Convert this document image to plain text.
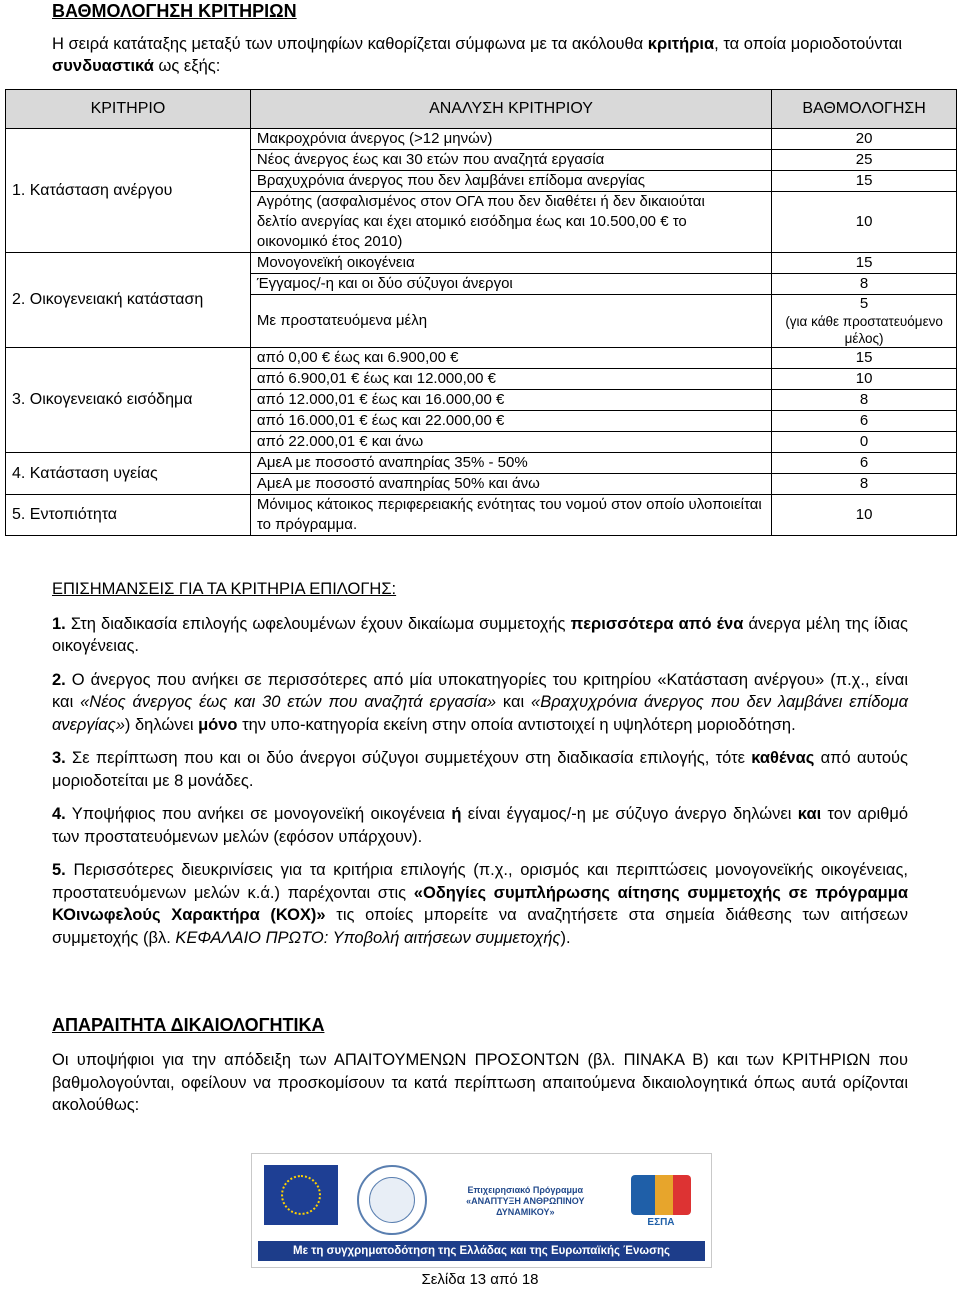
ΒΑΘΜΟΛΟΓΗΣΗ ΚΡΙΤΗΡΙΩΝ

Η σειρά κατάταξης μεταξύ των υποψηφίων καθορίζεται σύμφωνα με τα ακόλουθα κριτήρια, τα οποία μοριοδοτούνται συνδυαστικά ως εξής:

ΚΡΙΤΗΡΙΟ	ΑΝΑΛΥΣΗ ΚΡΙΤΗΡΙΟΥ	ΒΑΘΜΟΛΟΓΗΣΗ
1. Κατάσταση ανέργου	Μακροχρόνια άνεργος (>12 μηνών)	20
	Νέος άνεργος έως και 30 ετών που αναζητά εργασία	25
	Βραχυχρόνια άνεργος που δεν λαμβάνει επίδομα ανεργίας	15
	Αγρότης (ασφαλισμένος στον ΟΓΑ που δεν διαθέτει ή δεν δικαιούται δελτίο ανεργίας και έχει ατομικό εισόδημα έως και 10.500,00 € το οικονομικό έτος 2010)	10
2. Οικογενειακή κατάσταση	Μονογονεϊκή οικογένεια	15
	Έγγαμος/-η και οι δύο σύζυγοι άνεργοι	8
	Με προστατευόμενα μέλη	5
(για κάθε προστατευόμενο μέλος)

3. Οικογενειακό εισόδημα	από 0,00 € έως και 6.900,00 €	15
	από 6.900,01 € έως και 12.000,00 €	10
	από 12.000,01 € έως και 16.000,00 €	8
	από 16.000,01 € έως και 22.000,00 €	6
	από 22.000,01 € και άνω	0
4. Κατάσταση υγείας	ΑμεΑ με ποσοστό αναπηρίας 35% - 50%	6
	ΑμεΑ με ποσοστό αναπηρίας 50% και άνω	8
5. Εντοπιότητα	Μόνιμος κάτοικος περιφερειακής ενότητας του νομού στον οποίο υλοποιείται το πρόγραμμα.	10

ΕΠΙΣΗΜΑΝΣΕΙΣ ΓΙΑ ΤΑ ΚΡΙΤΗΡΙΑ ΕΠΙΛΟΓΗΣ:

1. Στη διαδικασία επιλογής ωφελουμένων έχουν δικαίωμα συμμετοχής περισσότερα από ένα άνεργα μέλη της ίδιας οικογένειας.

2. Ο άνεργος που ανήκει σε περισσότερες από μία υποκατηγορίες του κριτηρίου «Κατάσταση ανέργου» (π.χ., είναι και «Νέος άνεργος έως και 30 ετών που αναζητά εργασία» και «Βραχυχρόνια άνεργος που δεν λαμβάνει επίδομα ανεργίας») δηλώνει μόνο την υπο-κατηγορία εκείνη στην οποία αντιστοιχεί η υψηλότερη μοριοδότηση.

3. Σε περίπτωση που και οι δύο άνεργοι σύζυγοι συμμετέχουν στη διαδικασία επιλογής, τότε καθένας από αυτούς μοριοδοτείται με 8 μονάδες.

4. Υποψήφιος που ανήκει σε μονογονεϊκή οικογένεια ή είναι έγγαμος/-η με σύζυγο άνεργο δηλώνει και τον αριθμό των προστατευόμενων μελών (εφόσον υπάρχουν).

5. Περισσότερες διευκρινίσεις για τα κριτήρια επιλογής (π.χ., ορισμός και περιπτώσεις μονογονεϊκής οικογένειας, προστατευόμενων μελών κ.ά.) παρέχονται στις «Οδηγίες συμπλήρωσης αίτησης συμμετοχής σε πρόγραμμα ΚΟινωφελούς Χαρακτήρα (ΚΟΧ)» τις οποίες μπορείτε να αναζητήσετε στα σημεία διάθεσης των αιτήσεων συμμετοχής (βλ. ΚΕΦΑΛΑΙΟ ΠΡΩΤΟ: Υποβολή αιτήσεων συμμετοχής).

ΑΠΑΡΑΙΤΗΤΑ ΔΙΚΑΙΟΛΟΓΗΤΙΚΑ

Οι υποψήφιοι για την απόδειξη των ΑΠΑΙΤΟΥΜΕΝΩΝ ΠΡΟΣΟΝΤΩΝ (βλ. ΠΙΝΑΚΑ Β) και των ΚΡΙΤΗΡΙΩΝ που βαθμολογούνται, οφείλουν να προσκομίσουν τα κατά περίπτωση απαιτούμενα δικαιολογητικά όπως αυτά ορίζονται ακολούθως:

Επιχειρησιακό Πρόγραμμα «ΑΝΑΠΤΥΞΗ ΑΝΘΡΩΠΙΝΟΥ ΔΥΝΑΜΙΚΟΥ»
ΕΣΠΑ
Με τη συγχρηματοδότηση της Ελλάδας και της Ευρωπαϊκής Ένωσης

Σελίδα 13 από 18
